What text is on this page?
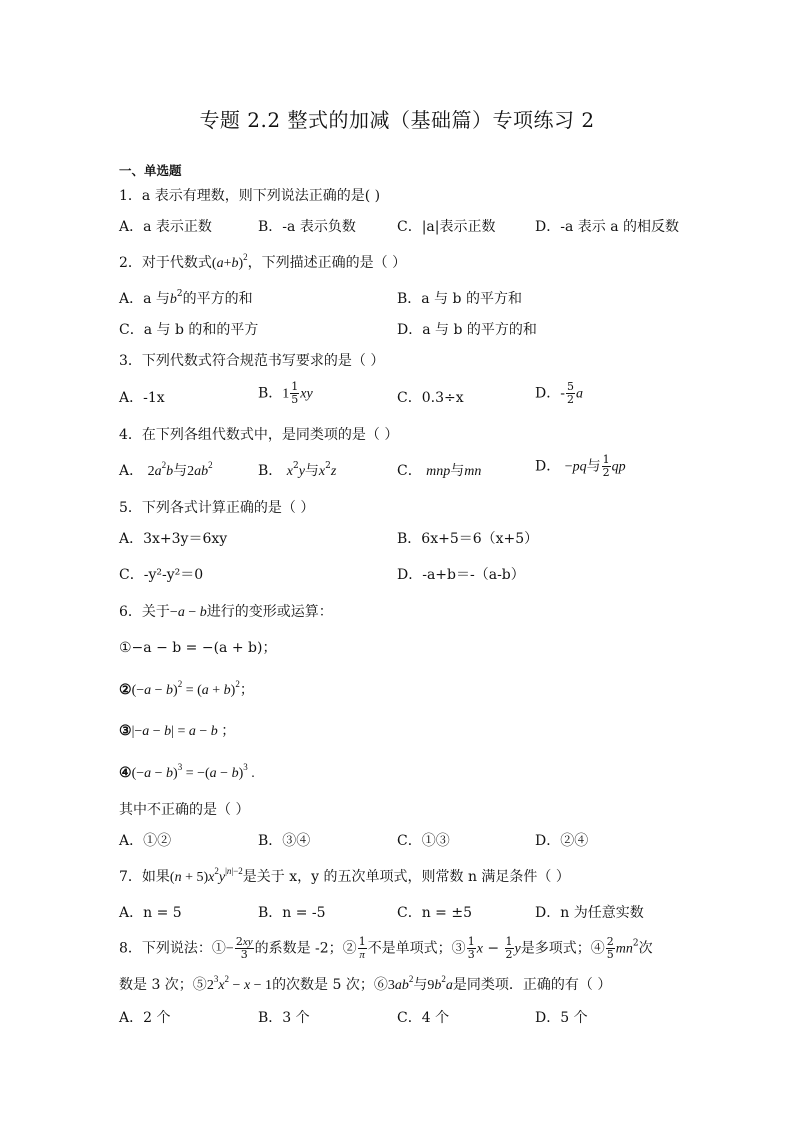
专题 2.2 整式的加减（基础篇）专项练习 2
一、单选题
1．a 表示有理数，则下列说法正确的是( )
A．a 表示正数	B．-a 表示负数	C．|a|表示正数	D．-a 表示 a 的相反数
2．对于代数式$(a+b)^2$，下列描述正确的是（ ）
A．a 与$b^2$的平方的和	B．a 与 b 的平方和
C．a 与 b 的和的平方	D．a 与 b 的平方的和
3．下列代数式符合规范书写要求的是（ ）
A．-1x	B．$1 \frac{1}{5}$ xy	C．0.3÷x	D．- $\frac{5}{2}$ a
4．在下列各组代数式中，是同类项的是（ ）
A． $2a^2b$与$2ab^2$	B． $x^2y$与$x^2z$	C． mnp与mn	D． −pq与 $\frac{1}{2}$ qp
5．下列各式计算正确的是（ ）
A．3x+3y＝6xy	B．6x+5＝6（x+5）
C．-y²-y²＝0	D．-a+b＝-（a-b）
6．关于−a − b进行的变形或运算：
①−a − b = −(a + b)；
②(−a − $b)^2 = (a + b)^2$；
③|−a − b| = a − b ；
④(−a − $b)^3 = -(a - b)^3$ .
其中不正确的是（ ）
A．①②	B．③④	C．①③	D．②④
7．如果$(n + 5)x^2y^{|n|-2}$是关于 x，y 的五次单项式，则常数 n 满足条件（ ）
A．n = 5	B．n = -5	C．n = ±5	D．n 为任意实数
8．下列说法：①− $\frac{2xy}{3}$ 的系数是 -2；② $\frac{1}{\pi}$ 不是单项式；③ $\frac{1}{3}$ $x - \frac{1}{2}$ y是多项式；④ $\frac{2}{5} mn^2$次
数是 3 次；$⑤2^3x^2 - x - 1$的次数是 5 次；$⑥3ab^2$与$9b^2a$是同类项．正确的有（ ）
A．2 个	B．3 个	C．4 个	D．5 个
